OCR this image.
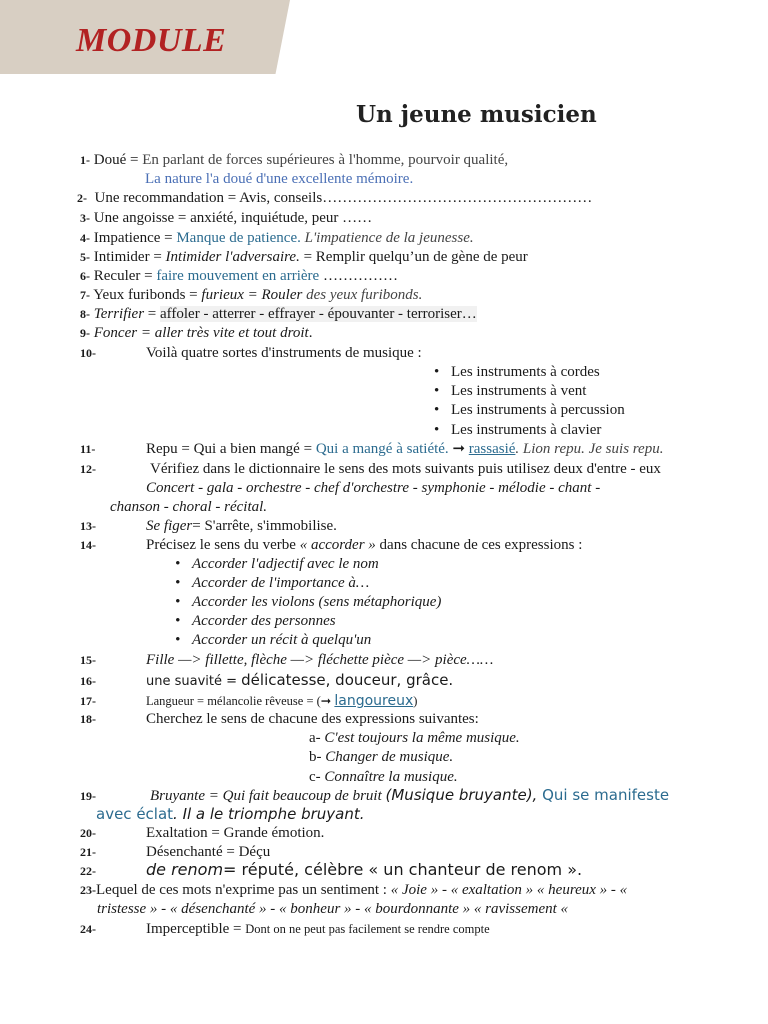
MODULE
Un jeune musicien
1- Doué = En parlant de forces supérieures à l'homme, pourvoir qualité,
La nature l'a doué d'une excellente mémoire.
2- Une recommandation = Avis, conseils………………………………………………
3- Une angoisse = anxiété, inquiétude, peur ……
4- Impatience = Manque de patience. L'impatience de la jeunesse.
5- Intimider = Intimider l'adversaire. = Remplir quelqu’un de gène de peur
6- Reculer = faire mouvement en arrière ……………
7- Yeux furibonds = furieux = Rouler des yeux furibonds.
8- Terrifier = affoler - atterrer - effrayer - épouvanter - terroriser…
9- Foncer = aller très vite et tout droit.
10-	Voilà quatre sortes d'instruments de musique :
• Les instruments à cordes
• Les instruments à vent
• Les instruments à percussion
• Les instruments à clavier
11-	Repu = Qui a bien mangé = Qui a mangé à satiété. ➞ rassasié. Lion repu. Je suis repu.
12-	Vérifiez dans le dictionnaire le sens des mots suivants puis utilisez deux d'entre - eux
Concert - gala - orchestre - chef d'orchestre - symphonie - mélodie - chant -
chanson - choral - récital.
13-	Se figer= S'arrête, s'immobilise.
14-	Précisez le sens du verbe « accorder » dans chacune de ces expressions :
• Accorder l'adjectif avec le nom
• Accorder de l'importance à…
• Accorder les violons (sens métaphorique)
• Accorder des personnes
• Accorder un récit à quelqu'un
15-	Fille —> fillette, flèche —> fléchette pièce —> pièce……
16-	une suavité = délicatesse, douceur, grâce.
17-	Langueur = mélancolie rêveuse = (➞ langoureux)
18-	Cherchez le sens de chacune des expressions suivantes:
a- C'est toujours la même musique.
b- Changer de musique.
c- Connaître la musique.
19-	Bruyante = Qui fait beaucoup de bruit (Musique bruyante), Qui se manifeste
avec éclat. Il a le triomphe bruyant.
20-	Exaltation = Grande émotion.
21-	Désenchanté = Déçu
22-	de renom= réputé, célèbre « un chanteur de renom ».
23-Lequel de ces mots n'exprime pas un sentiment : « Joie » - « exaltation » « heureux » - «
tristesse » - « désenchanté » - « bonheur » - « bourdonnante » « ravissement «
24-	Imperceptible = Dont on ne peut pas facilement se rendre compte
